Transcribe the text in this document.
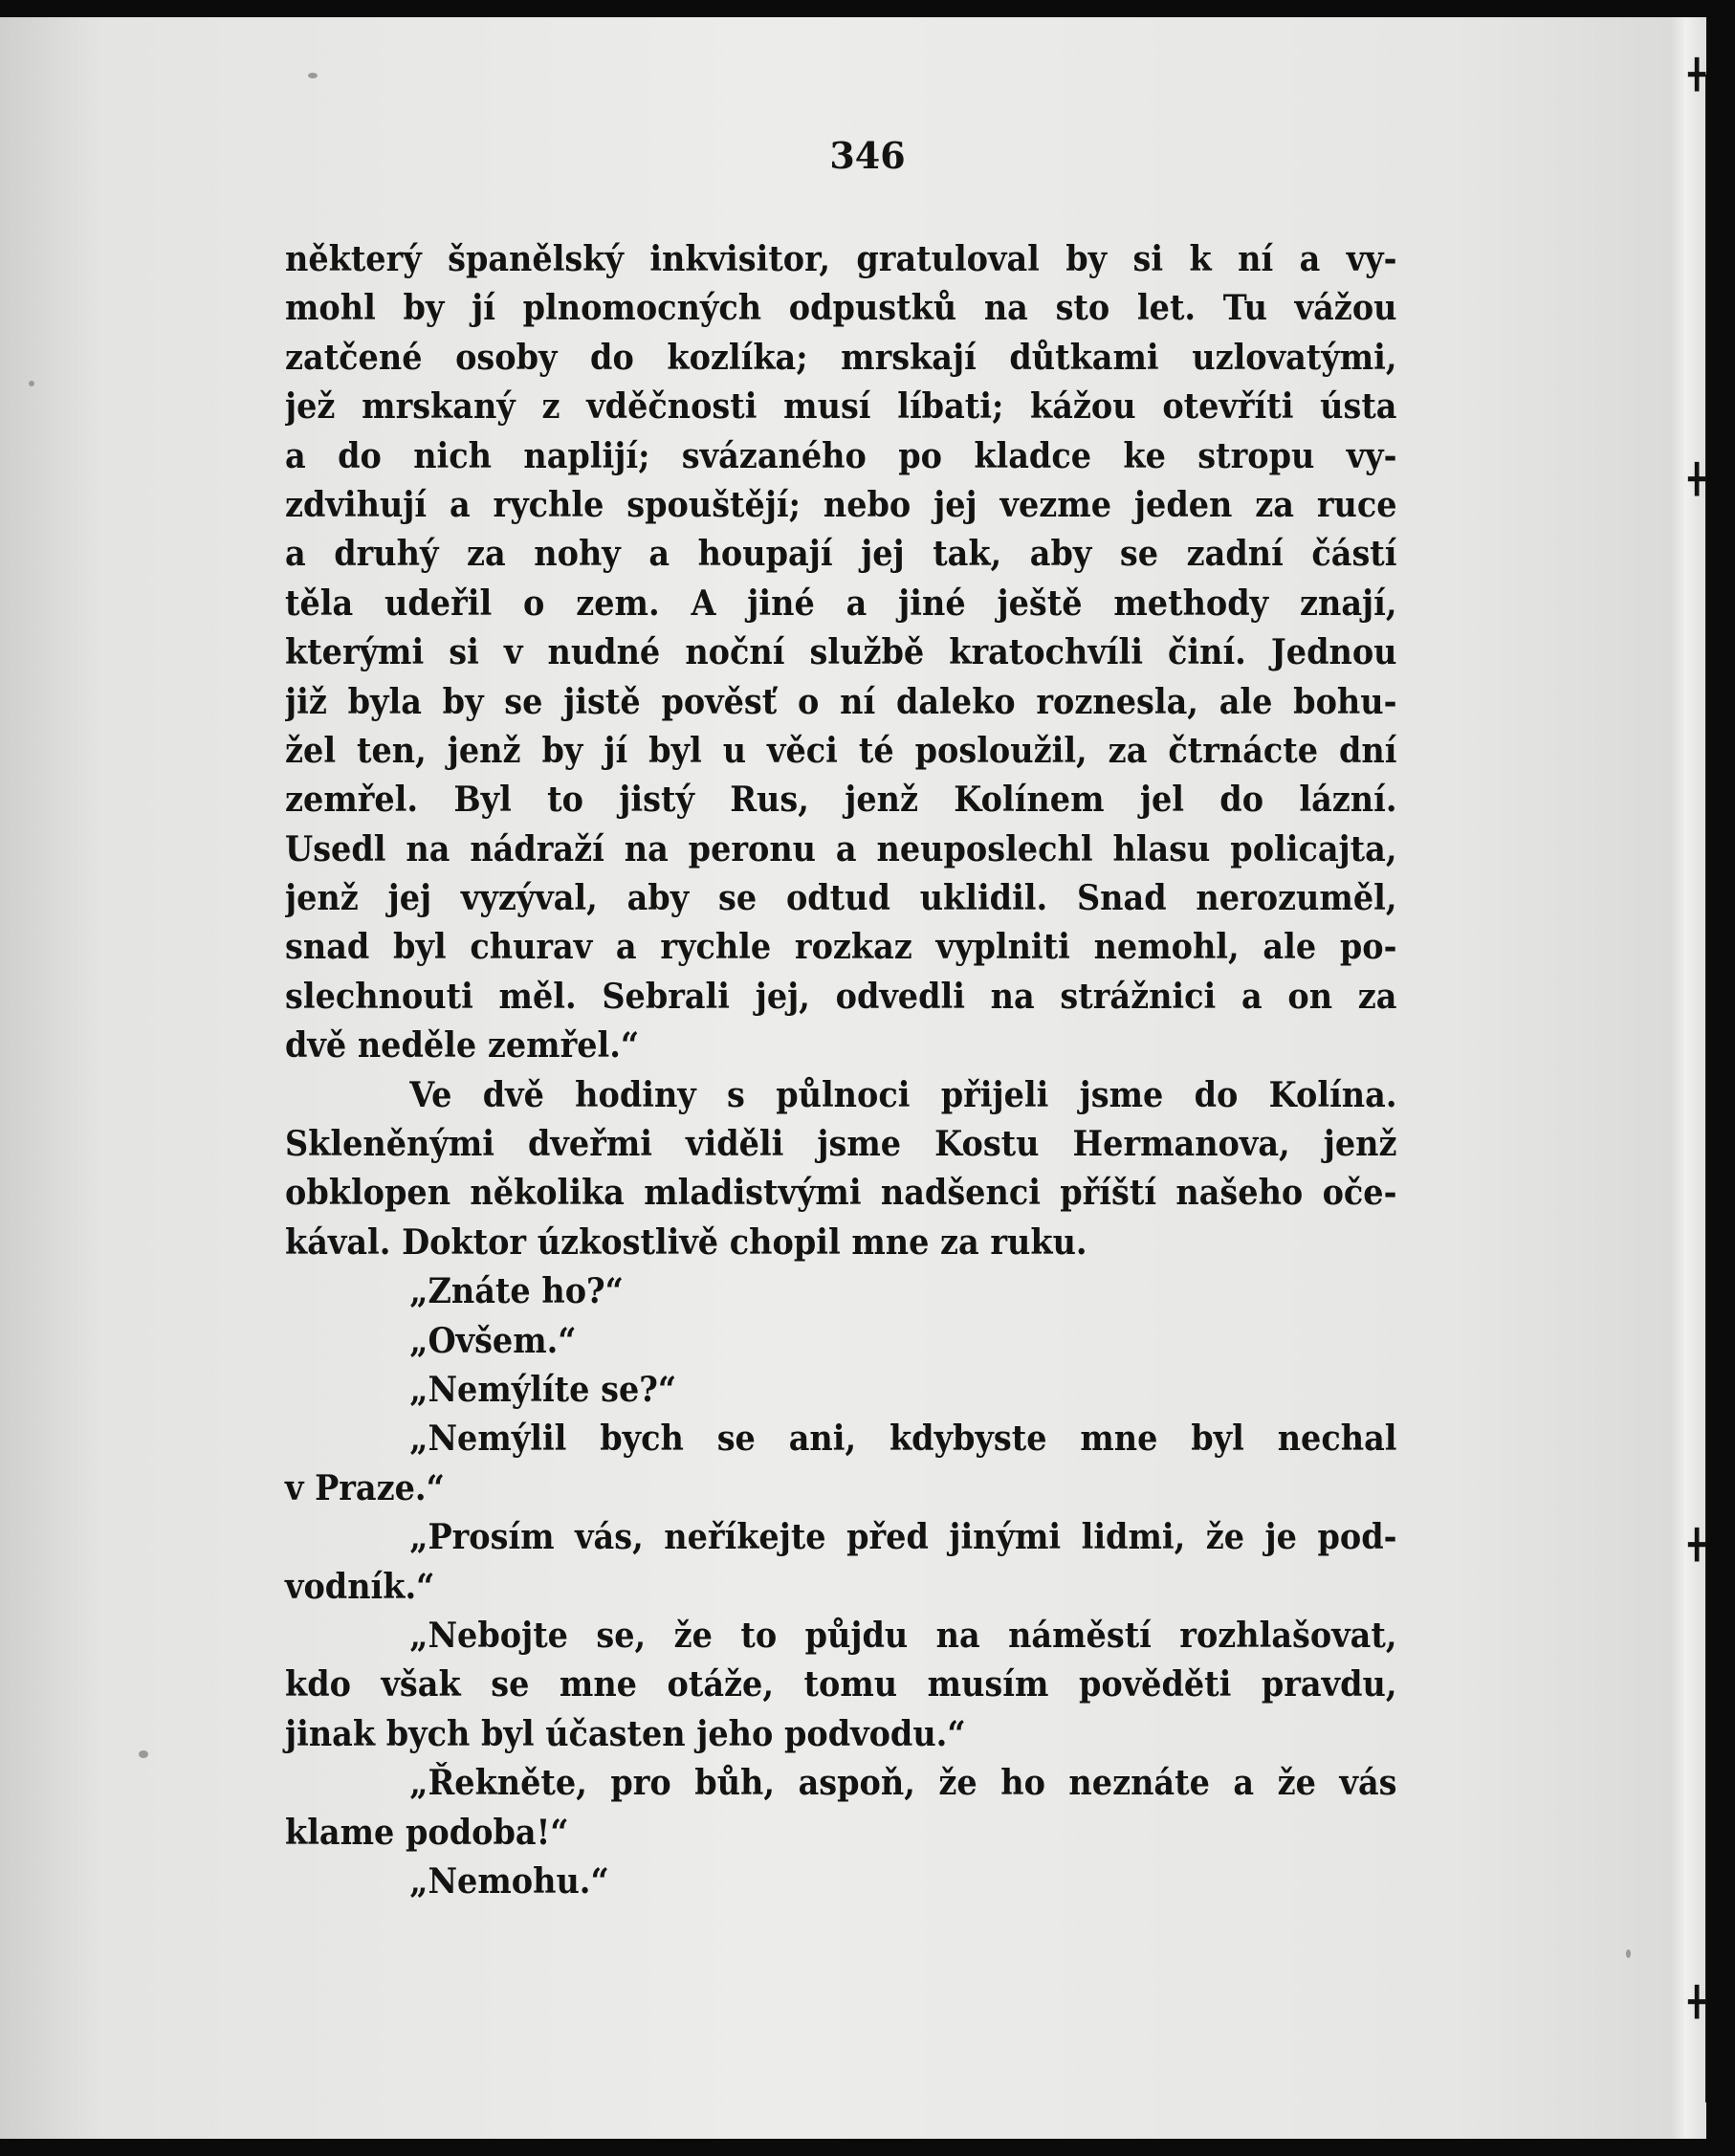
╋
╋
╋
╋
346
některý španělský inkvisitor, gratuloval by si k ní a vy-
mohl by jí plnomocných odpustků na sto let. Tu vážou
zatčené osoby do kozlíka; mrskají důtkami uzlovatými,
jež mrskaný z vděčnosti musí líbati; kážou otevříti ústa
a do nich naplijí; svázaného po kladce ke stropu vy-
zdvihují a rychle spouštějí; nebo jej vezme jeden za ruce
a druhý za nohy a houpají jej tak, aby se zadní částí
těla udeřil o zem. A jiné a jiné ještě methody znají,
kterými si v nudné noční službě kratochvíli činí. Jednou
již byla by se jistě pověsť o ní daleko roznesla, ale bohu-
žel ten, jenž by jí byl u věci té posloužil, za čtrnácte dní
zemřel. Byl to jistý Rus, jenž Kolínem jel do lázní.
Usedl na nádraží na peronu a neuposlechl hlasu policajta,
jenž jej vyzýval, aby se odtud uklidil. Snad nerozuměl,
snad byl churav a rychle rozkaz vyplniti nemohl, ale po-
slechnouti měl. Sebrali jej, odvedli na strážnici a on za
dvě neděle zemřel.“
Ve dvě hodiny s půlnoci přijeli jsme do Kolína.
Skleněnými dveřmi viděli jsme Kostu Hermanova, jenž
obklopen několika mladistvými nadšenci příští našeho oče-
kával. Doktor úzkostlivě chopil mne za ruku.
„Znáte ho?“
„Ovšem.“
„Nemýlíte se?“
„Nemýlil bych se ani, kdybyste mne byl nechal
v Praze.“
„Prosím vás, neříkejte před jinými lidmi, že je pod-
vodník.“
„Nebojte se, že to půjdu na náměstí rozhlašovat,
kdo však se mne otáže, tomu musím pověděti pravdu,
jinak bych byl účasten jeho podvodu.“
„Řekněte, pro bůh, aspoň, že ho neznáte a že vás
klame podoba!“
„Nemohu.“
